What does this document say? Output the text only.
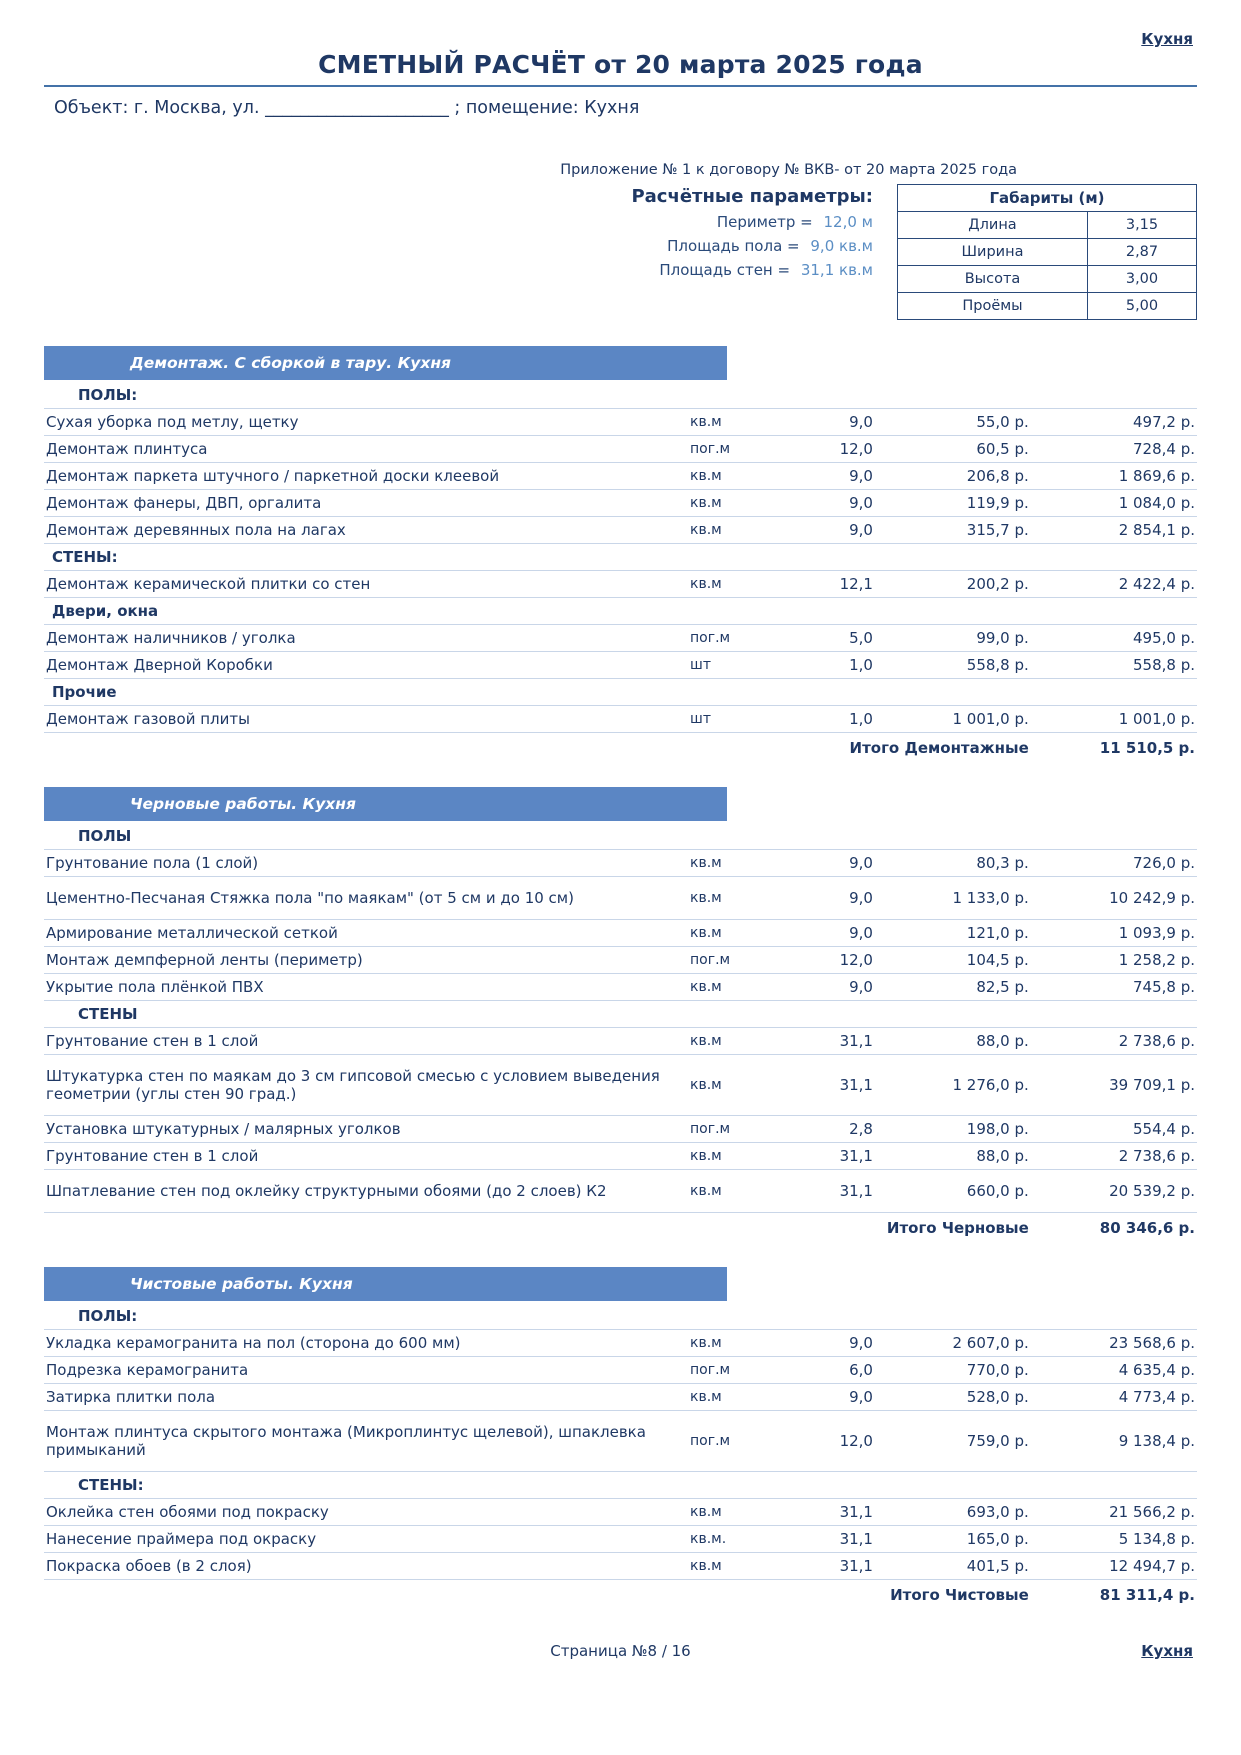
Кухня
СМЕТНЫЙ РАСЧЁТ от 20 марта 2025 года
Объект: г. Москва, ул. _____________________ ; помещение: Кухня
Приложение № 1 к договору № ВКВ- от 20 марта 2025 года
Расчётные параметры:
Периметр = 12,0 м
Площадь пола = 9,0 кв.м
Площадь стен = 31,1 кв.м
Габариты (м)	
Длина	3,15
Ширина	2,87
Высота	3,00
Проёмы	5,00
Демонтаж. С сборкой в тару. Кухня
ПОЛЫ:				
Сухая уборка под метлу, щетку	кв.м	9,0	55,0 р.	497,2 р.
Демонтаж плинтуса	пог.м	12,0	60,5 р.	728,4 р.
Демонтаж паркета штучного / паркетной доски клеевой	кв.м	9,0	206,8 р.	1 869,6 р.
Демонтаж фанеры, ДВП, оргалита	кв.м	9,0	119,9 р.	1 084,0 р.
Демонтаж деревянных пола на лагах	кв.м	9,0	315,7 р.	2 854,1 р.
СТЕНЫ:				
Демонтаж керамической плитки со стен	кв.м	12,1	200,2 р.	2 422,4 р.
Двери, окна				
Демонтаж наличников / уголка	пог.м	5,0	99,0 р.	495,0 р.
Демонтаж Дверной Коробки	шт	1,0	558,8 р.	558,8 р.
Прочие				
Демонтаж газовой плиты	шт	1,0	1 001,0 р.	1 001,0 р.
		Итого Демонтажные		11 510,5 р.
Черновые работы. Кухня
ПОЛЫ				
Грунтование пола (1 слой)	кв.м	9,0	80,3 р.	726,0 р.
Цементно-Песчаная Стяжка пола "по маякам" (от 5 см и до 10 см)	кв.м	9,0	1 133,0 р.	10 242,9 р.
Армирование металлической сеткой	кв.м	9,0	121,0 р.	1 093,9 р.
Монтаж демпферной ленты (периметр)	пог.м	12,0	104,5 р.	1 258,2 р.
Укрытие пола плёнкой ПВХ	кв.м	9,0	82,5 р.	745,8 р.
СТЕНЫ				
Грунтование стен в 1 слой	кв.м	31,1	88,0 р.	2 738,6 р.
Штукатурка стен по маякам до 3 см гипсовой смесью с условием выведения геометрии (углы стен 90 град.)	кв.м	31,1	1 276,0 р.	39 709,1 р.
Установка штукатурных / малярных уголков	пог.м	2,8	198,0 р.	554,4 р.
Грунтование стен в 1 слой	кв.м	31,1	88,0 р.	2 738,6 р.
Шпатлевание стен под оклейку структурными обоями (до 2 слоев) К2	кв.м	31,1	660,0 р.	20 539,2 р.
		Итого Черновые		80 346,6 р.
Чистовые работы. Кухня
ПОЛЫ:				
Укладка керамогранита на пол (сторона до 600 мм)	кв.м	9,0	2 607,0 р.	23 568,6 р.
Подрезка керамогранита	пог.м	6,0	770,0 р.	4 635,4 р.
Затирка плитки пола	кв.м	9,0	528,0 р.	4 773,4 р.
Монтаж плинтуса скрытого монтажа (Микроплинтус щелевой), шпаклевка примыканий	пог.м	12,0	759,0 р.	9 138,4 р.
СТЕНЫ:				
Оклейка стен обоями под покраску	кв.м	31,1	693,0 р.	21 566,2 р.
Нанесение праймера под окраску	кв.м.	31,1	165,0 р.	5 134,8 р.
Покраска обоев (в 2 слоя)	кв.м	31,1	401,5 р.	12 494,7 р.
		Итого Чистовые		81 311,4 р.
Страница №8 / 16	Кухня
